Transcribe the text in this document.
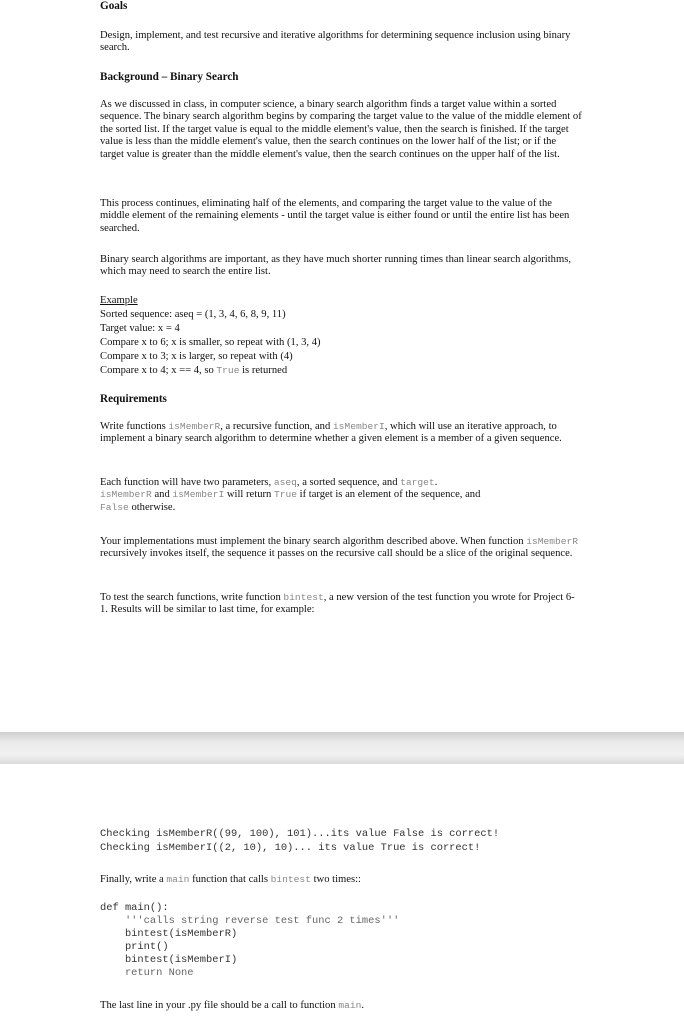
Goals
Design, implement, and test recursive and iterative algorithms for determining sequence inclusion using binary search.
Background – Binary Search
As we discussed in class, in computer science, a binary search algorithm finds a target value within a sorted sequence. The binary search algorithm begins by comparing the target value to the value of the middle element of the sorted list. If the target value is equal to the middle element's value, then the search is finished. If the target value is less than the middle element's value, then the search continues on the lower half of the list; or if the target value is greater than the middle element's value, then the search continues on the upper half of the list.
This process continues, eliminating half of the elements, and comparing the target value to the value of the middle element of the remaining elements - until the target value is either found or until the entire list has been searched.
Binary search algorithms are important, as they have much shorter running times than linear search algorithms, which may need to search the entire list.
Example
Sorted sequence: aseq = (1, 3, 4, 6, 8, 9, 11)
Target value: x = 4
Compare x to 6; x is smaller, so repeat with (1, 3, 4)
Compare x to 3; x is larger, so repeat with (4)
Compare x to 4; x == 4, so True is returned
Requirements
Write functions isMemberR, a recursive function, and isMemberI, which will use an iterative approach, to implement a binary search algorithm to determine whether a given element is a member of a given sequence.
Each function will have two parameters, aseq, a sorted sequence, and target.
isMemberR and isMemberI will return True if target is an element of the sequence, and
False otherwise.
Your implementations must implement the binary search algorithm described above. When function isMemberR recursively invokes itself, the sequence it passes on the recursive call should be a slice of the original sequence.
To test the search functions, write function bintest, a new version of the test function you wrote for Project 6-1. Results will be similar to last time, for example:
Checking isMemberR((99, 100), 101)...its value False is correct!
Checking isMemberI((2, 10), 10)... its value True is correct!
Finally, write a main function that calls bintest two times::
def main():
'''calls string reverse test func 2 times'''
bintest(isMemberR)
print()
bintest(isMemberI)
return None
The last line in your .py file should be a call to function main.
